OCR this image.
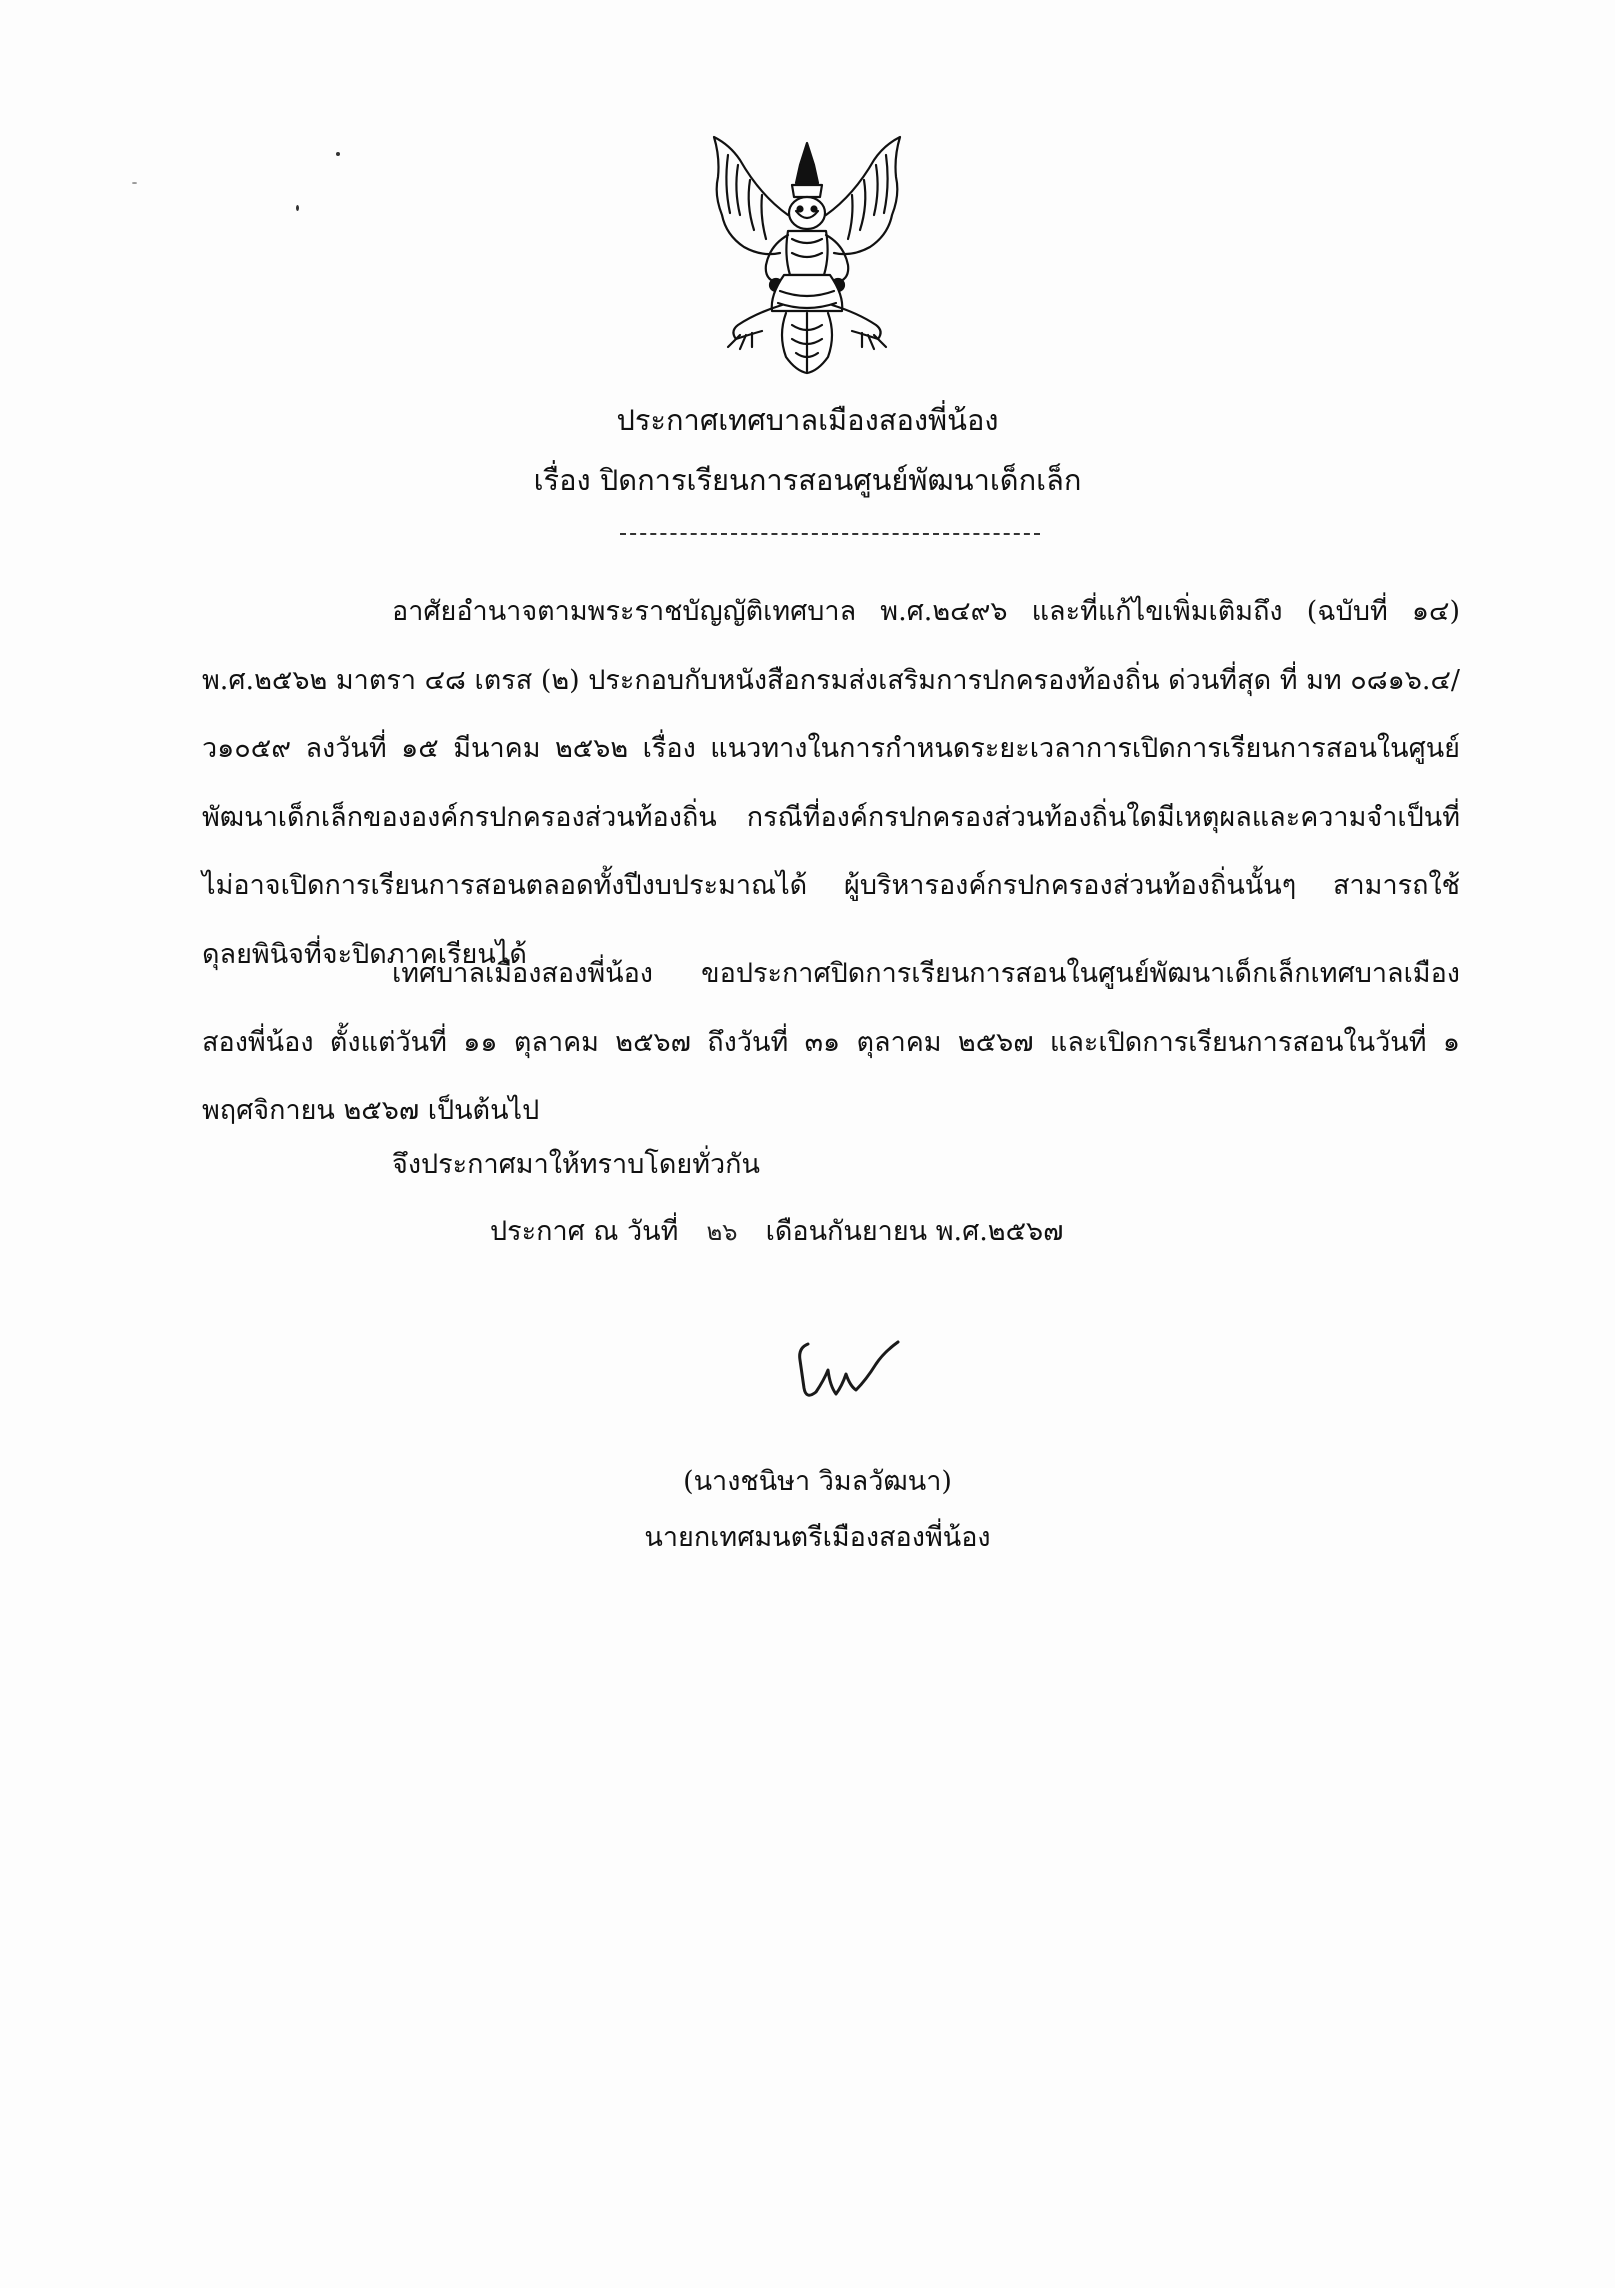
ประกาศเทศบาลเมืองสองพี่น้อง
เรื่อง ปิดการเรียนการสอนศูนย์พัฒนาเด็กเล็ก
อาศัยอำนาจตามพระราชบัญญัติเทศบาล พ.ศ.๒๔๙๖ และที่แก้ไขเพิ่มเติมถึง (ฉบับที่ ๑๔) พ.ศ.๒๕๖๒ มาตรา ๔๘ เตรส (๒) ประกอบกับหนังสือกรมส่งเสริมการปกครองท้องถิ่น ด่วนที่สุด ที่ มท ๐๘๑๖.๔/ว๑๐๕๙ ลงวันที่ ๑๕ มีนาคม ๒๕๖๒ เรื่อง แนวทางในการกำหนดระยะเวลาการเปิดการเรียนการสอนในศูนย์พัฒนาเด็กเล็กขององค์กรปกครองส่วนท้องถิ่น กรณีที่องค์กรปกครองส่วนท้องถิ่นใดมีเหตุผลและความจำเป็นที่ไม่อาจเปิดการเรียนการสอนตลอดทั้งปีงบประมาณได้ ผู้บริหารองค์กรปกครองส่วนท้องถิ่นนั้นๆ สามารถใช้ดุลยพินิจที่จะปิดภาคเรียนได้
เทศบาลเมืองสองพี่น้อง ขอประกาศปิดการเรียนการสอนในศูนย์พัฒนาเด็กเล็กเทศบาลเมืองสองพี่น้อง ตั้งแต่วันที่ ๑๑ ตุลาคม ๒๕๖๗ ถึงวันที่ ๓๑ ตุลาคม ๒๕๖๗ และเปิดการเรียนการสอนในวันที่ ๑ พฤศจิกายน ๒๕๖๗ เป็นต้นไป
จึงประกาศมาให้ทราบโดยทั่วกัน
ประกาศ ณ วันที่ ๒๖ เดือนกันยายน พ.ศ.๒๕๖๗
(นางชนิษา วิมลวัฒนา)
นายกเทศมนตรีเมืองสองพี่น้อง
